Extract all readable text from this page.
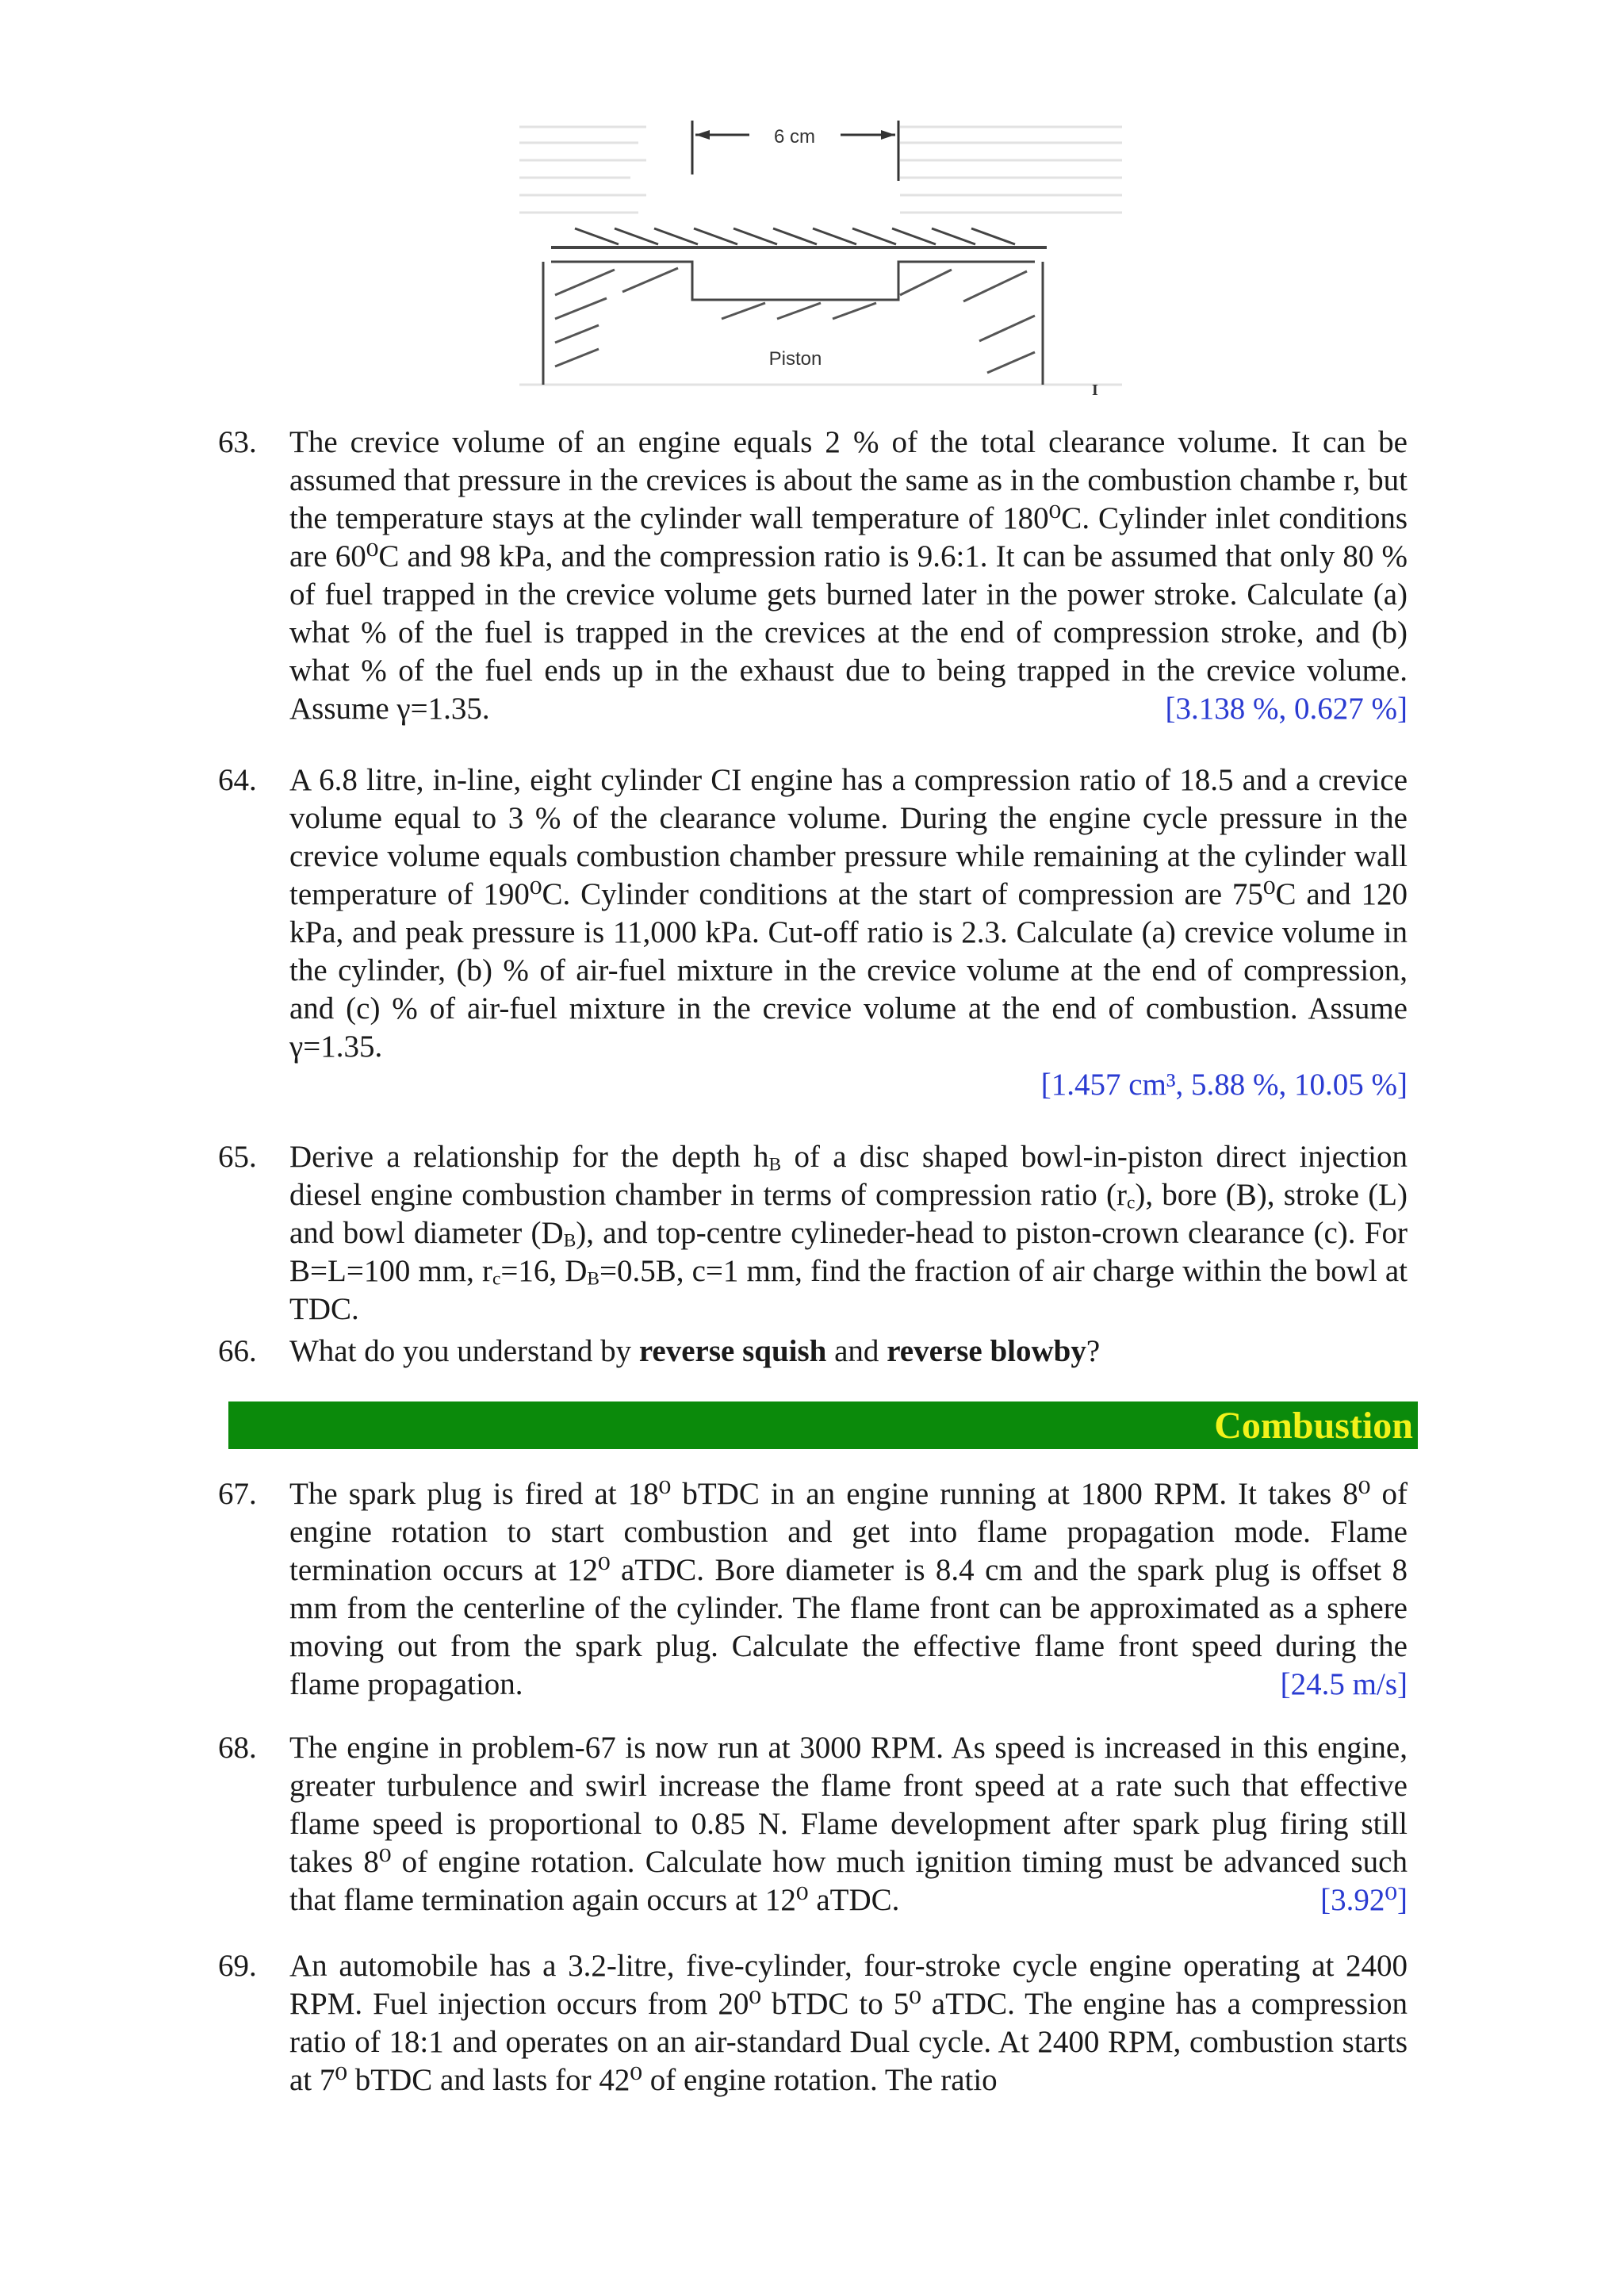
6 cm
Piston
I
63.	The crevice volume of an engine equals 2 % of the total clearance volume. It can be assumed that pressure in the crevices is about the same as in the combustion chambe r, but the temperature stays at the cylinder wall temperature of 180⁰C. Cylinder inlet conditions are 60⁰C and 98 kPa, and the compression ratio is 9.6:1. It can be assumed that only 80 % of fuel trapped in the crevice volume gets burned later in the power stroke. Calculate (a) what % of the fuel is trapped in the crevices at the end of compression stroke, and (b) what % of the fuel ends up in the exhaust due to being trapped in the crevice volume. Assume γ=1.35.	[3.138 %, 0.627 %]
64.	A 6.8 litre, in-line, eight cylinder CI engine has a compression ratio of 18.5 and a crevice volume equal to 3 % of the clearance volume. During the engine cycle pressure in the crevice volume equals combustion chamber pressure while remaining at the cylinder wall temperature of 190⁰C. Cylinder conditions at the start of compression are 75⁰C and 120 kPa, and peak pressure is 11,000 kPa. Cut-off ratio is 2.3. Calculate (a) crevice volume in the cylinder, (b) % of air-fuel mixture in the crevice volume at the end of compression, and (c) % of air-fuel mixture in the crevice volume at the end of combustion. Assume γ=1.35.

[1.457 cm³, 5.88 %, 10.05 %]

65.	Derive a relationship for the depth $h_B$ of a disc shaped bowl-in-piston direct injection diesel engine combustion chamber in terms of compression ratio $(r_c)$, bore (B), stroke (L) and bowl diameter $(D_B)$, and top-centre cylineder-head to piston-crown clearance (c). For B=L=100 mm, $r_c=16$, $D_B=0.5B$, c=1 mm, find the fraction of air charge within the bowl at TDC.
66.	What do you understand by reverse squish and reverse blowby?
Combustion
67.	The spark plug is fired at 18⁰ bTDC in an engine running at 1800 RPM. It takes 8⁰ of engine rotation to start combustion and get into flame propagation mode. Flame termination occurs at 12⁰ aTDC. Bore diameter is 8.4 cm and the spark plug is offset 8 mm from the centerline of the cylinder. The flame front can be approximated as a sphere moving out from the spark plug. Calculate the effective flame front speed during the flame propagation.	[24.5 m/s]
68.	The engine in problem-67 is now run at 3000 RPM. As speed is increased in this engine, greater turbulence and swirl increase the flame front speed at a rate such that effective flame speed is proportional to 0.85 N. Flame development after spark plug firing still takes 8⁰ of engine rotation. Calculate how much ignition timing must be advanced such that flame termination again occurs at 12⁰ aTDC.	[3.92⁰]
69.	An automobile has a 3.2-litre, five-cylinder, four-stroke cycle engine operating at 2400 RPM. Fuel injection occurs from 20⁰ bTDC to 5⁰ aTDC. The engine has a compression ratio of 18:1 and operates on an air-standard Dual cycle. At 2400 RPM, combustion starts at 7⁰ bTDC and lasts for 42⁰ of engine rotation. The ratio
